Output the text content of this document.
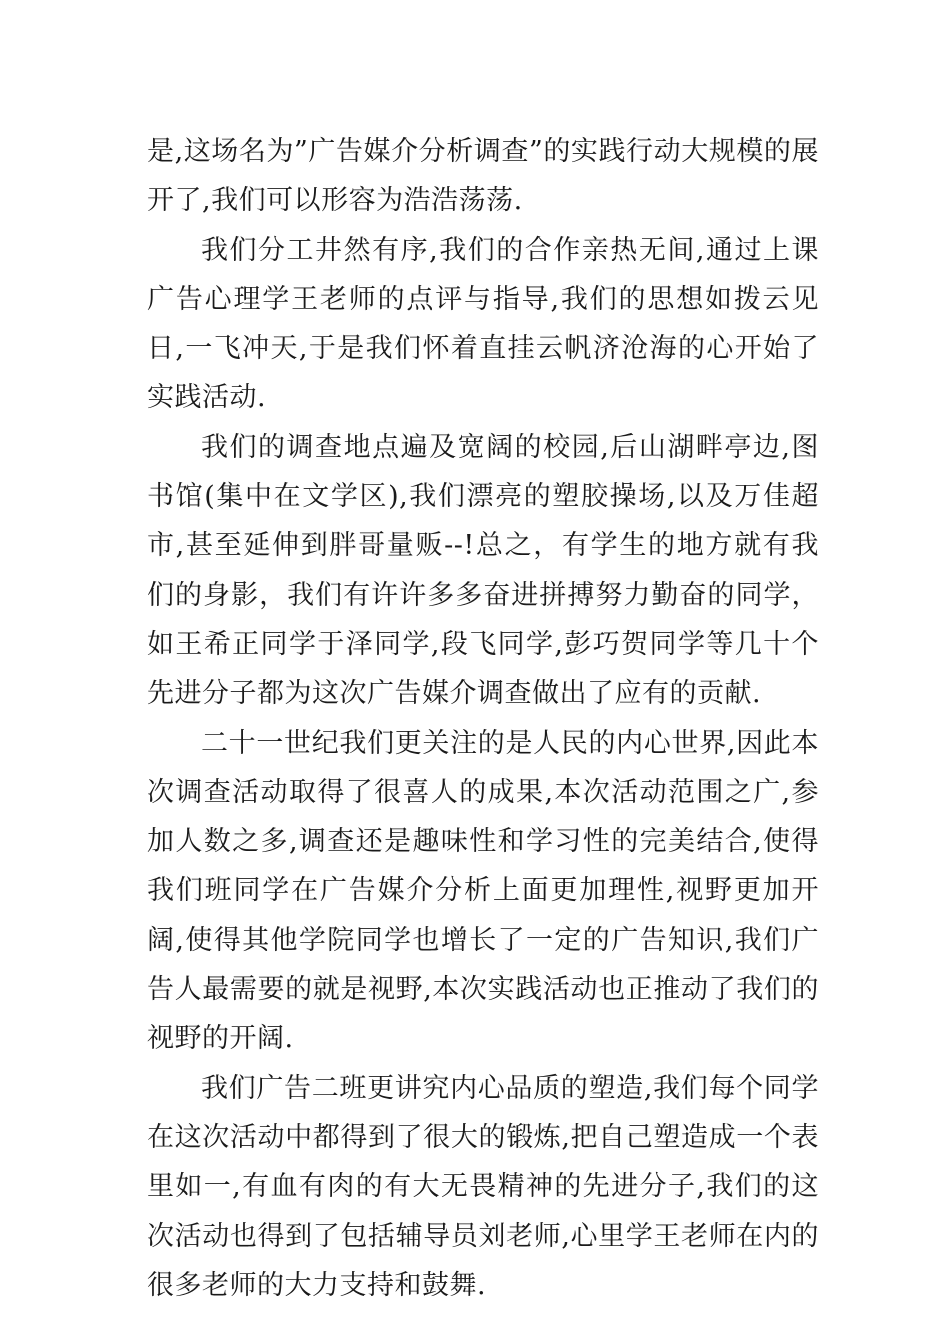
是,这场名为”广告媒介分析调查”的实践行动大规模的展开了,我们可以形容为浩浩荡荡.

我们分工井然有序,我们的合作亲热无间,通过上课广告心理学王老师的点评与指导,我们的思想如拨云见日,一飞冲天,于是我们怀着直挂云帆济沧海的心开始了实践活动.

我们的调查地点遍及宽阔的校园,后山湖畔亭边,图书馆(集中在文学区),我们漂亮的塑胶操场,以及万佳超市,甚至延伸到胖哥量贩--!总之，有学生的地方就有我们的身影，我们有许许多多奋进拼搏努力勤奋的同学，如王希正同学于泽同学,段飞同学,彭巧贺同学等几十个先进分子都为这次广告媒介调查做出了应有的贡献.

二十一世纪我们更关注的是人民的内心世界,因此本次调查活动取得了很喜人的成果,本次活动范围之广,参加人数之多,调查还是趣味性和学习性的完美结合,使得我们班同学在广告媒介分析上面更加理性,视野更加开阔,使得其他学院同学也增长了一定的广告知识,我们广告人最需要的就是视野,本次实践活动也正推动了我们的视野的开阔.

我们广告二班更讲究内心品质的塑造,我们每个同学在这次活动中都得到了很大的锻炼,把自己塑造成一个表里如一,有血有肉的有大无畏精神的先进分子,我们的这次活动也得到了包括辅导员刘老师,心里学王老师在内的很多老师的大力支持和鼓舞.
